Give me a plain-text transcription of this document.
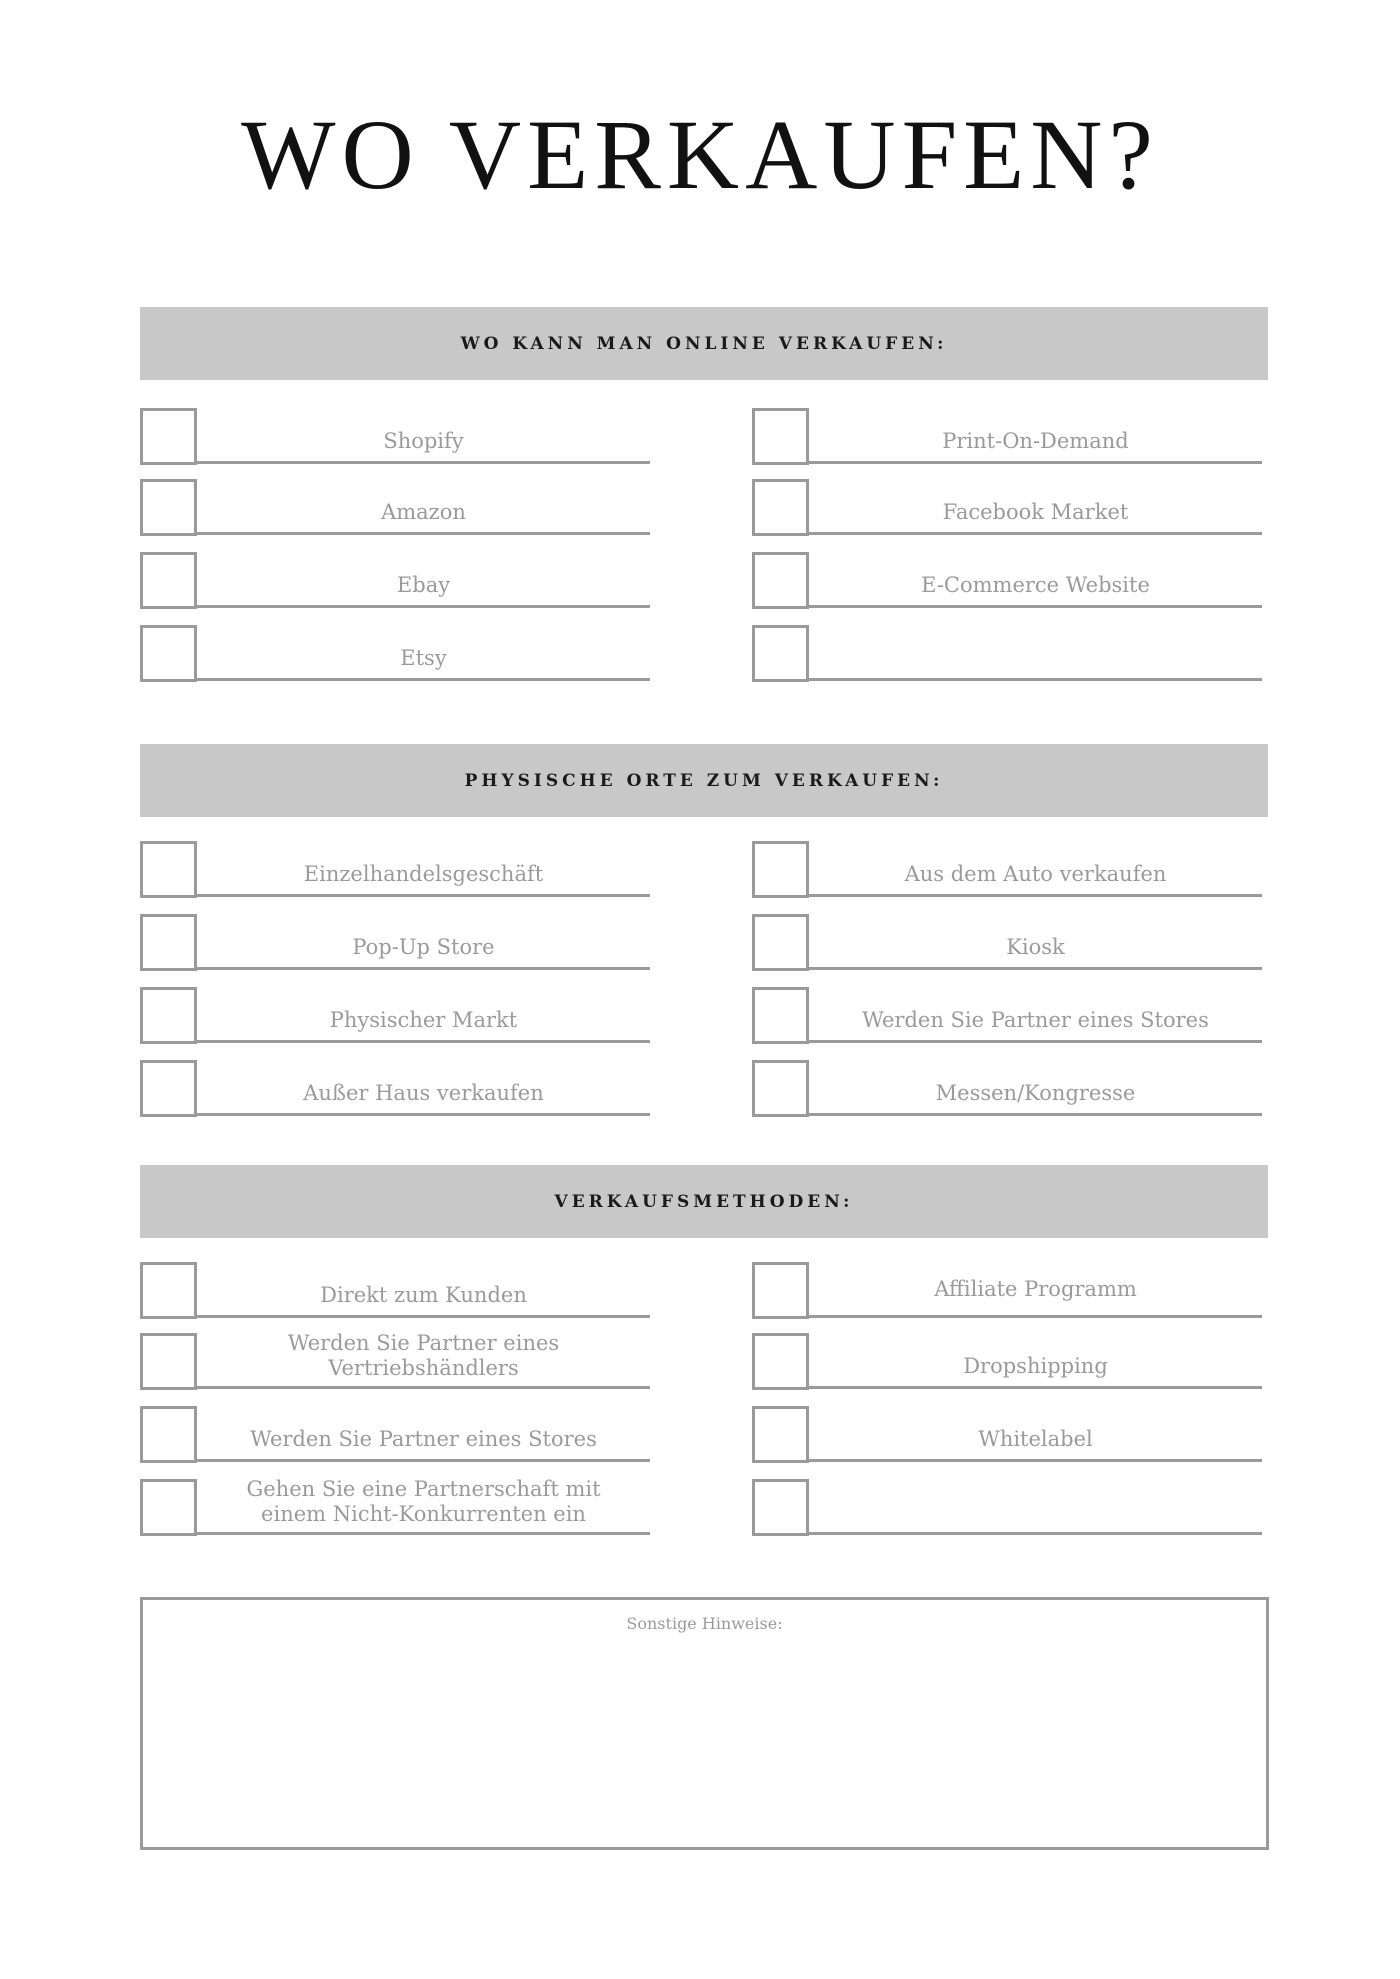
WO VERKAUFEN?
WO KANN MAN ONLINE VERKAUFEN:
Shopify
Amazon
Ebay
Etsy
Print-On-Demand
Facebook Market
E-Commerce Website
PHYSISCHE ORTE ZUM VERKAUFEN:
Einzelhandelsgeschäft
Pop-Up Store
Physischer Markt
Außer Haus verkaufen
Aus dem Auto verkaufen
Kiosk
Werden Sie Partner eines Stores
Messen/Kongresse
VERKAUFSMETHODEN:
Direkt zum Kunden
Werden Sie Partner eines Vertriebshändlers
Werden Sie Partner eines Stores
Gehen Sie eine Partnerschaft mit einem Nicht-Konkurrenten ein
Affiliate Programm
Dropshipping
Whitelabel
Sonstige Hinweise:
